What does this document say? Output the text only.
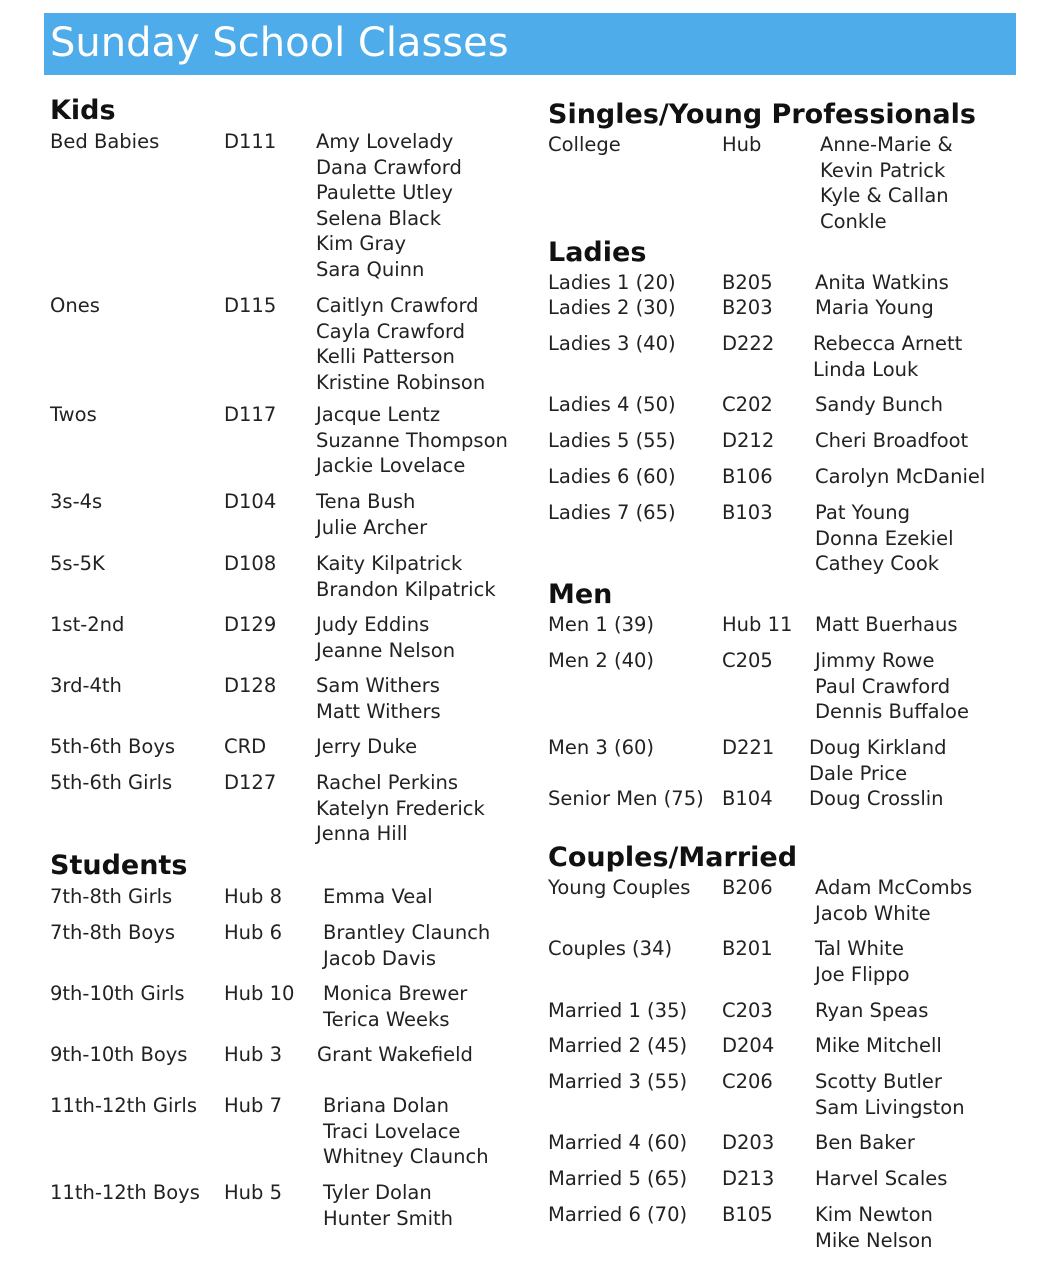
Sunday School Classes
Kids
Bed Babies	D111 Amy Lovelady
Dana Crawford
Paulette Utley
Selena Black
Kim Gray
Sara Quinn
Ones	D115 Caitlyn Crawford
Cayla Crawford
Kelli Patterson
Kristine Robinson
Twos	D117 Jacque Lentz
Suzanne Thompson
Jackie Lovelace
3s-4s	D104 Tena Bush
Julie Archer
5s-5K	D108 Kaity Kilpatrick
Brandon Kilpatrick
1st-2nd	D129 Judy Eddins
Jeanne Nelson
3rd-4th	D128 Sam Withers
Matt Withers
5th-6th Boys	CRD	Jerry Duke
5th-6th Girls	D127 Rachel Perkins
Katelyn Frederick
Jenna Hill
Students
7th-8th Girls	Hub 8 Emma Veal
7th-8th Boys	Hub 6 Brantley Claunch
Jacob Davis
9th-10th Girls Hub 10 Monica Brewer
Terica Weeks
9th-10th Boys Hub 3 Grant Wakefield
11th-12th Girls Hub 7 Briana Dolan
Traci Lovelace
Whitney Claunch
11th-12th Boys Hub 5 Tyler Dolan
Hunter Smith
Singles/Young Professionals
College	Hub	Anne-Marie &
Kevin Patrick
Kyle & Callan
Conkle
Ladies
Ladies 1 (20) B205 Anita Watkins
Ladies 2 (30) B203 Maria Young
Ladies 3 (40) D222 Rebecca Arnett
Linda Louk
Ladies 4 (50) C202 Sandy Bunch
Ladies 5 (55) D212 Cheri Broadfoot
Ladies 6 (60) B106 Carolyn McDaniel
Ladies 7 (65) B103 Pat Young
Donna Ezekiel
Cathey Cook
Men
Men 1 (39)	Hub 11 Matt Buerhaus
Men 2 (40)	C205 Jimmy Rowe
Paul Crawford
Dennis Buffaloe
Men 3 (60)	D221 Doug Kirkland
Dale Price
Senior Men (75) B104 Doug Crosslin
Couples/Married
Young Couples B206 Adam McCombs
Jacob White
Couples (34)	B201 Tal White
Joe Flippo
Married 1 (35) C203 Ryan Speas
Married 2 (45) D204 Mike Mitchell
Married 3 (55) C206 Scotty Butler
Sam Livingston
Married 4 (60) D203 Ben Baker
Married 5 (65) D213 Harvel Scales
Married 6 (70) B105 Kim Newton
Mike Nelson
